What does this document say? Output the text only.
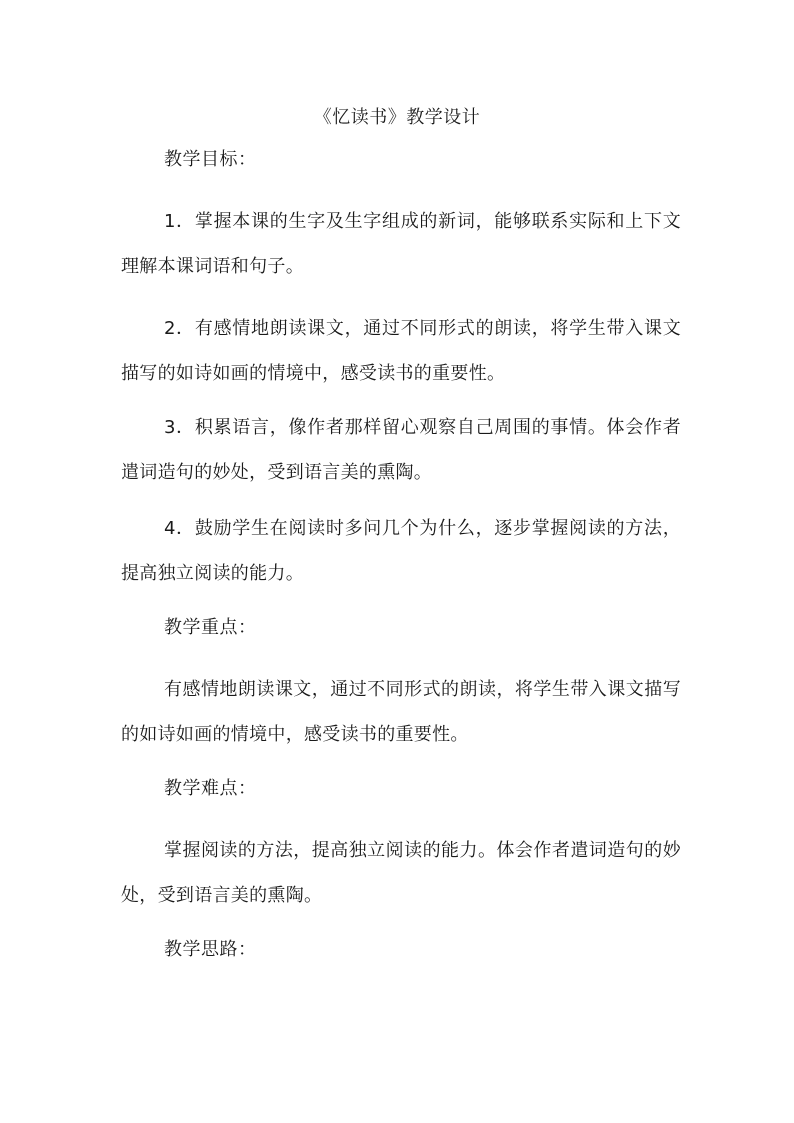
《忆读书》教学设计

教学目标：

1．掌握本课的生字及生字组成的新词，能够联系实际和上下文理解本课词语和句子。

2．有感情地朗读课文，通过不同形式的朗读，将学生带入课文描写的如诗如画的情境中，感受读书的重要性。

3．积累语言，像作者那样留心观察自己周围的事情。体会作者遣词造句的妙处，受到语言美的熏陶。

4．鼓励学生在阅读时多问几个为什么，逐步掌握阅读的方法，提高独立阅读的能力。

教学重点：

有感情地朗读课文，通过不同形式的朗读，将学生带入课文描写的如诗如画的情境中，感受读书的重要性。

教学难点：

掌握阅读的方法，提高独立阅读的能力。体会作者遣词造句的妙处，受到语言美的熏陶。

教学思路：
